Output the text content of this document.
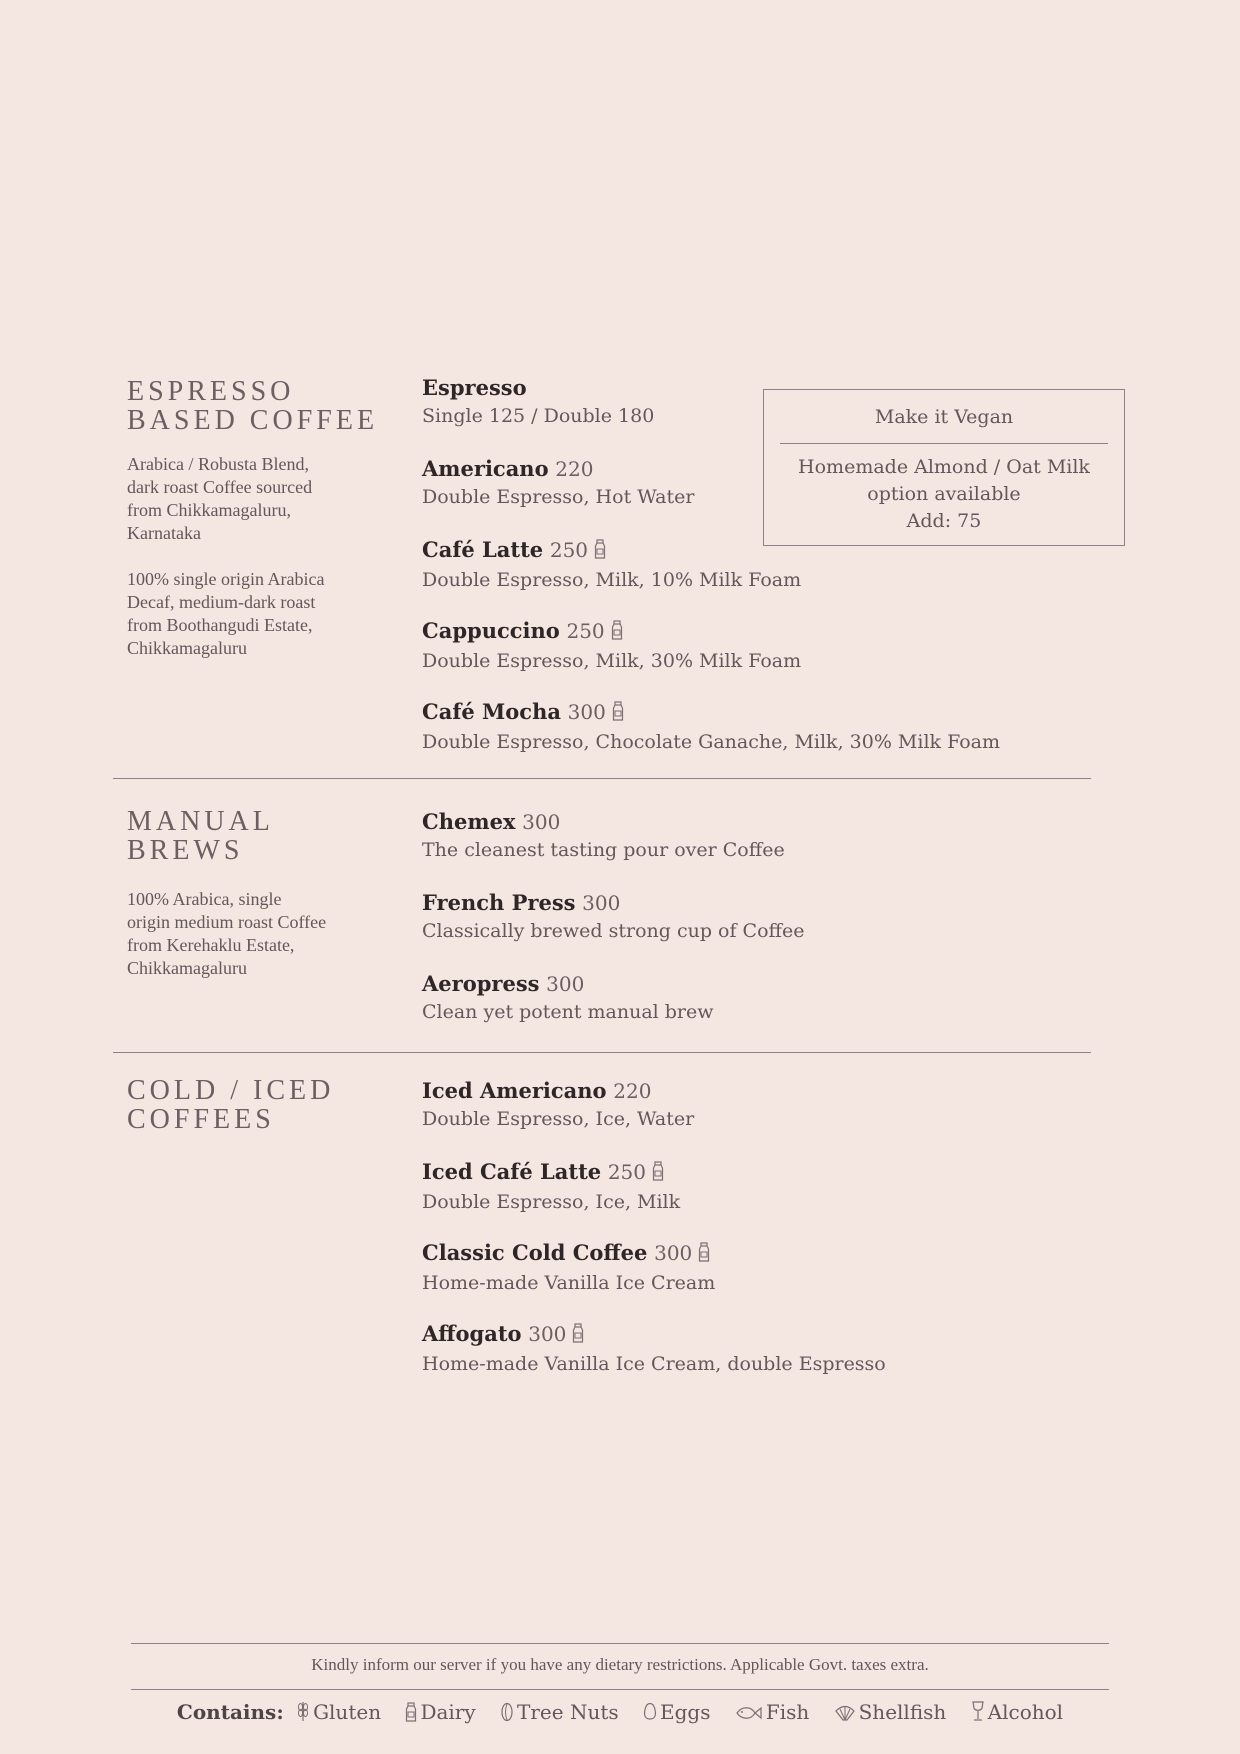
ESPRESSO
BASED COFFEE

Arabica / Robusta Blend, dark roast Coffee sourced from Chikkamagaluru, Karnataka

100% single origin Arabica Decaf, medium-dark roast from Boothangudi Estate, Chikkamagaluru

Espresso
Single 125 / Double 180
Americano 220
Double Espresso, Hot Water
Café Latte 250
Double Espresso, Milk, 10% Milk Foam
Cappuccino 250
Double Espresso, Milk, 30% Milk Foam
Café Mocha 300
Double Espresso, Chocolate Ganache, Milk, 30% Milk Foam
Make it Vegan
Homemade Almond / Oat Milk
option available
Add: 75
MANUAL
BREWS

100% Arabica, single origin medium roast Coffee from Kerehaklu Estate, Chikkamagaluru

Chemex 300
The cleanest tasting pour over Coffee
French Press 300
Classically brewed strong cup of Coffee
Aeropress 300
Clean yet potent manual brew
COLD / ICED
COFFEES
Iced Americano 220
Double Espresso, Ice, Water
Iced Café Latte 250
Double Espresso, Ice, Milk
Classic Cold Coffee 300
Home-made Vanilla Ice Cream
Affogato 300
Home-made Vanilla Ice Cream, double Espresso
Kindly inform our server if you have any dietary restrictions. Applicable Govt. taxes extra.
Contains: Gluten Dairy Tree Nuts Eggs	Fish Shellfish Alcohol
